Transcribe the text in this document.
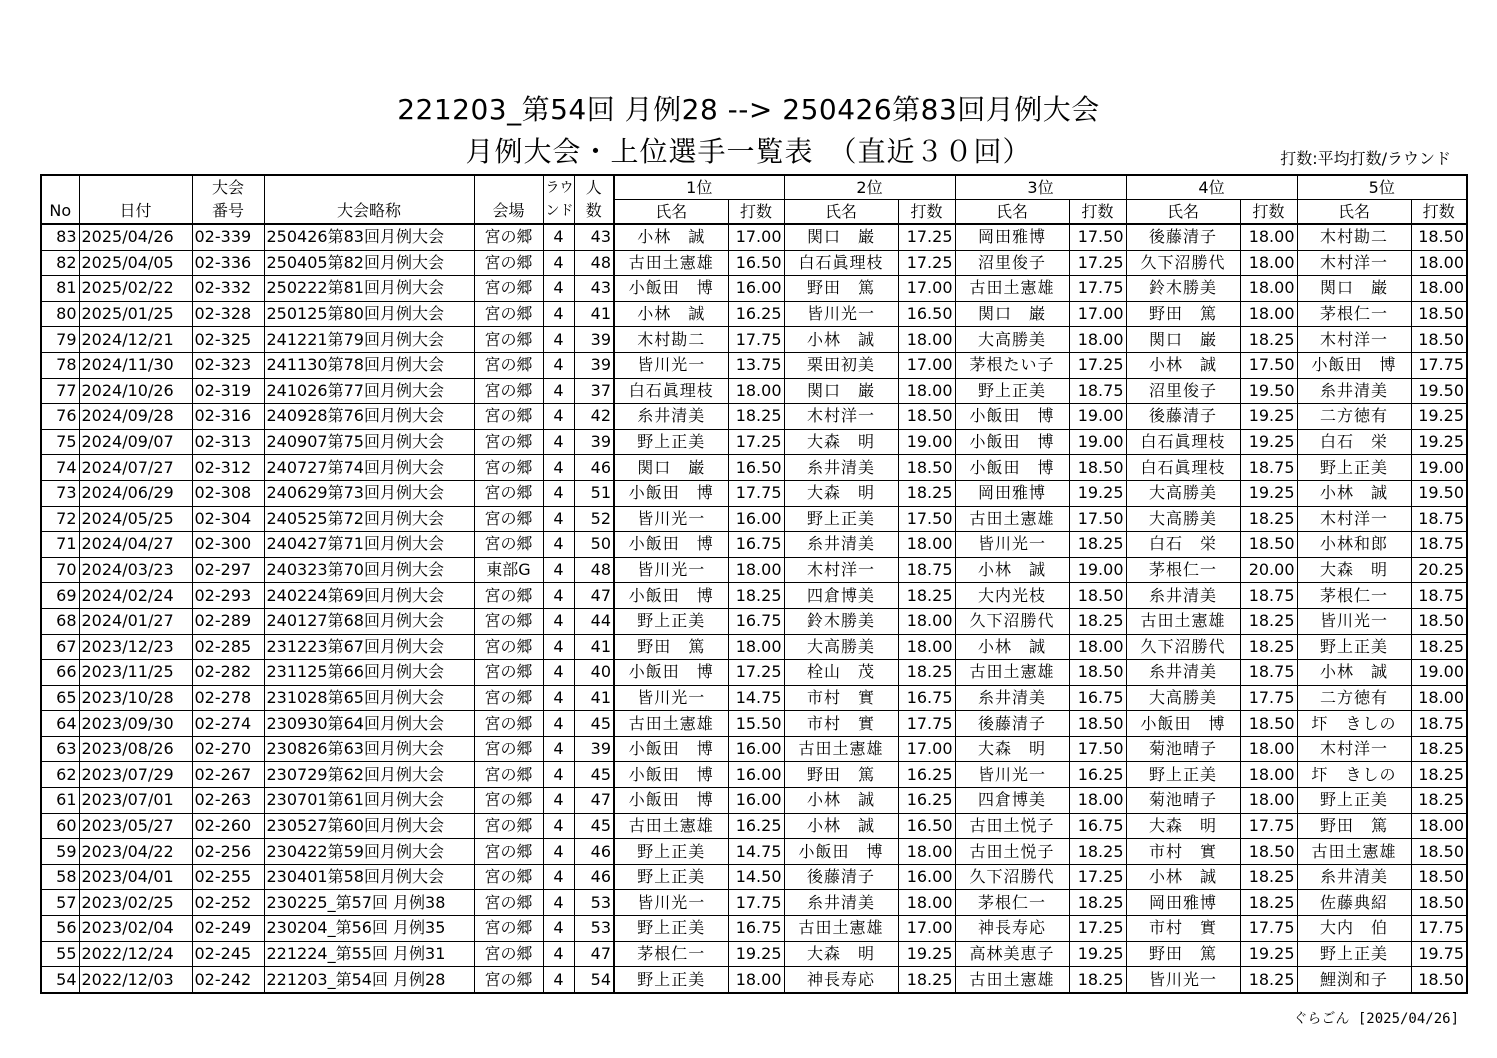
221203_第54回 月例28 --> 250426第83回月例大会
月例大会・上位選手一覧表　（直近３０回）	打数:平均打数/ラウンド
		大会			ラウ	人	1位		2位		3位		4位		5位	
No	日付	番号	大会略称	会場	ンド	数	氏名	打数	氏名	打数	氏名	打数	氏名	打数	氏名	打数
83	2025/04/26	02-339	250426第83回月例大会	宮の郷	4	43	小林　誠	17.00	関口　巌	17.25	岡田雅博	17.50	後藤清子	18.00	木村勘二	18.50
82	2025/04/05	02-336	250405第82回月例大会	宮の郷	4	48	古田土憲雄	16.50	白石眞理枝	17.25	沼里俊子	17.25	久下沼勝代	18.00	木村洋一	18.00
81	2025/02/22	02-332	250222第81回月例大会	宮の郷	4	43	小飯田　博	16.00	野田　篤	17.00	古田土憲雄	17.75	鈴木勝美	18.00	関口　巌	18.00
80	2025/01/25	02-328	250125第80回月例大会	宮の郷	4	41	小林　誠	16.25	皆川光一	16.50	関口　巌	17.00	野田　篤	18.00	茅根仁一	18.50
79	2024/12/21	02-325	241221第79回月例大会	宮の郷	4	39	木村勘二	17.75	小林　誠	18.00	大高勝美	18.00	関口　巌	18.25	木村洋一	18.50
78	2024/11/30	02-323	241130第78回月例大会	宮の郷	4	39	皆川光一	13.75	栗田初美	17.00	茅根たい子	17.25	小林　誠	17.50	小飯田　博	17.75
77	2024/10/26	02-319	241026第77回月例大会	宮の郷	4	37	白石眞理枝	18.00	関口　巌	18.00	野上正美	18.75	沼里俊子	19.50	糸井清美	19.50
76	2024/09/28	02-316	240928第76回月例大会	宮の郷	4	42	糸井清美	18.25	木村洋一	18.50	小飯田　博	19.00	後藤清子	19.25	二方徳有	19.25
75	2024/09/07	02-313	240907第75回月例大会	宮の郷	4	39	野上正美	17.25	大森　明	19.00	小飯田　博	19.00	白石眞理枝	19.25	白石　栄	19.25
74	2024/07/27	02-312	240727第74回月例大会	宮の郷	4	46	関口　巌	16.50	糸井清美	18.50	小飯田　博	18.50	白石眞理枝	18.75	野上正美	19.00
73	2024/06/29	02-308	240629第73回月例大会	宮の郷	4	51	小飯田　博	17.75	大森　明	18.25	岡田雅博	19.25	大高勝美	19.25	小林　誠	19.50
72	2024/05/25	02-304	240525第72回月例大会	宮の郷	4	52	皆川光一	16.00	野上正美	17.50	古田土憲雄	17.50	大高勝美	18.25	木村洋一	18.75
71	2024/04/27	02-300	240427第71回月例大会	宮の郷	4	50	小飯田　博	16.75	糸井清美	18.00	皆川光一	18.25	白石　栄	18.50	小林和郎	18.75
70	2024/03/23	02-297	240323第70回月例大会	東部G	4	48	皆川光一	18.00	木村洋一	18.75	小林　誠	19.00	茅根仁一	20.00	大森　明	20.25
69	2024/02/24	02-293	240224第69回月例大会	宮の郷	4	47	小飯田　博	18.25	四倉博美	18.25	大内光枝	18.50	糸井清美	18.75	茅根仁一	18.75
68	2024/01/27	02-289	240127第68回月例大会	宮の郷	4	44	野上正美	16.75	鈴木勝美	18.00	久下沼勝代	18.25	古田土憲雄	18.25	皆川光一	18.50
67	2023/12/23	02-285	231223第67回月例大会	宮の郷	4	41	野田　篤	18.00	大高勝美	18.00	小林　誠	18.00	久下沼勝代	18.25	野上正美	18.25
66	2023/11/25	02-282	231125第66回月例大会	宮の郷	4	40	小飯田　博	17.25	栓山　茂	18.25	古田土憲雄	18.50	糸井清美	18.75	小林　誠	19.00
65	2023/10/28	02-278	231028第65回月例大会	宮の郷	4	41	皆川光一	14.75	市村　實	16.75	糸井清美	16.75	大高勝美	17.75	二方徳有	18.00
64	2023/09/30	02-274	230930第64回月例大会	宮の郷	4	45	古田土憲雄	15.50	市村　實	17.75	後藤清子	18.50	小飯田　博	18.50	圷　きしの	18.75
63	2023/08/26	02-270	230826第63回月例大会	宮の郷	4	39	小飯田　博	16.00	古田土憲雄	17.00	大森　明	17.50	菊池晴子	18.00	木村洋一	18.25
62	2023/07/29	02-267	230729第62回月例大会	宮の郷	4	45	小飯田　博	16.00	野田　篤	16.25	皆川光一	16.25	野上正美	18.00	圷　きしの	18.25
61	2023/07/01	02-263	230701第61回月例大会	宮の郷	4	47	小飯田　博	16.00	小林　誠	16.25	四倉博美	18.00	菊池晴子	18.00	野上正美	18.25
60	2023/05/27	02-260	230527第60回月例大会	宮の郷	4	45	古田土憲雄	16.25	小林　誠	16.50	古田土悦子	16.75	大森　明	17.75	野田　篤	18.00
59	2023/04/22	02-256	230422第59回月例大会	宮の郷	4	46	野上正美	14.75	小飯田　博	18.00	古田土悦子	18.25	市村　實	18.50	古田土憲雄	18.50
58	2023/04/01	02-255	230401第58回月例大会	宮の郷	4	46	野上正美	14.50	後藤清子	16.00	久下沼勝代	17.25	小林　誠	18.25	糸井清美	18.50
57	2023/02/25	02-252	230225_第57回 月例38	宮の郷	4	53	皆川光一	17.75	糸井清美	18.00	茅根仁一	18.25	岡田雅博	18.25	佐藤典紹	18.50
56	2023/02/04	02-249	230204_第56回 月例35	宮の郷	4	53	野上正美	16.75	古田土憲雄	17.00	神長寿応	17.25	市村　實	17.75	大内　伯	17.75
55	2022/12/24	02-245	221224_第55回 月例31	宮の郷	4	47	茅根仁一	19.25	大森　明	19.25	高林美恵子	19.25	野田　篤	19.25	野上正美	19.75
54	2022/12/03	02-242	221203_第54回 月例28	宮の郷	4	54	野上正美	18.00	神長寿応	18.25	古田土憲雄	18.25	皆川光一	18.25	鯉渕和子	18.50
ぐらごん [2025/04/26]
